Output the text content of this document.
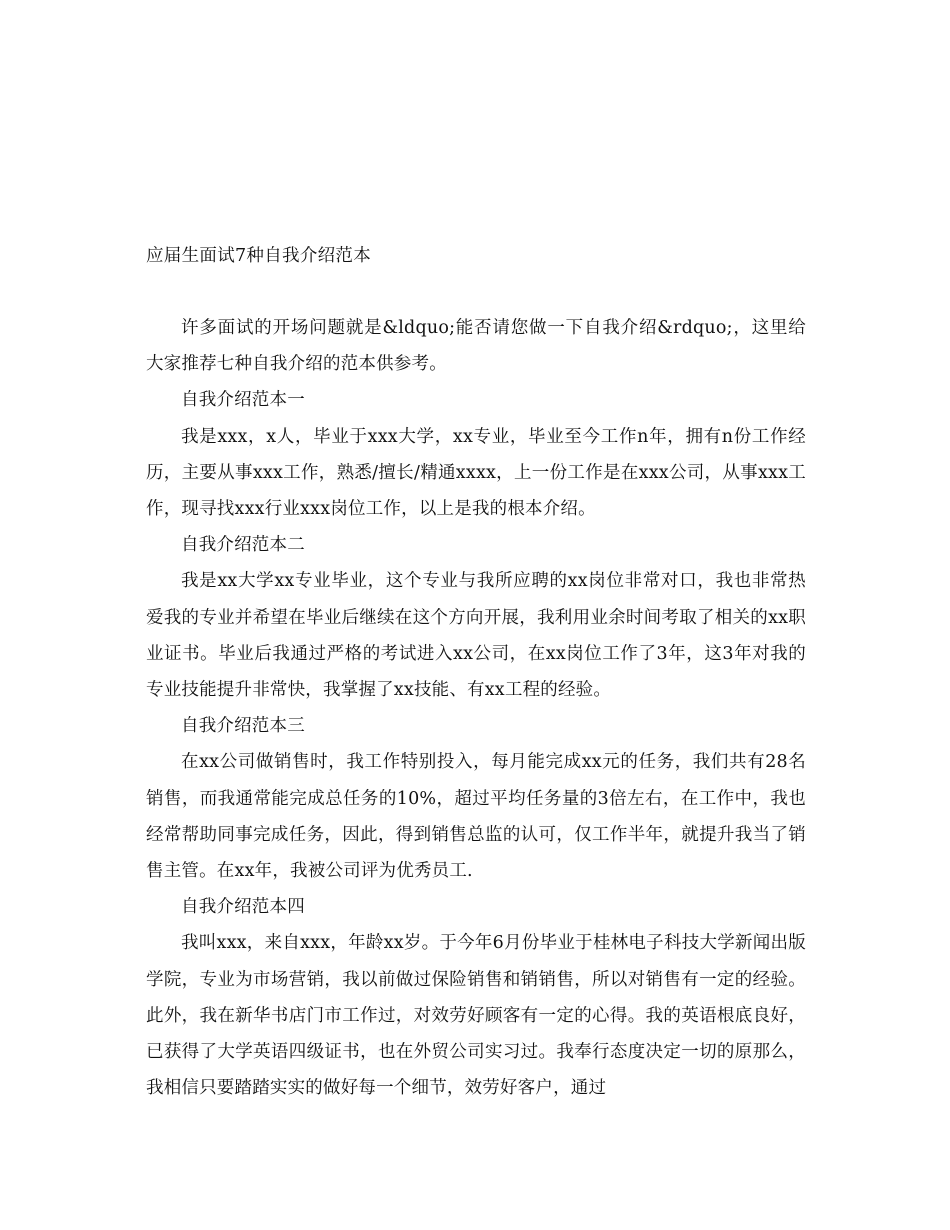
应届生面试7种自我介绍范本

许多面试的开场问题就是&ldquo;能否请您做一下自我介绍&rdquo;，这里给大家推荐七种自我介绍的范本供参考。

自我介绍范本一

我是xxx，x人，毕业于xxx大学，xx专业，毕业至今工作n年，拥有n份工作经历，主要从事xxx工作，熟悉/擅长/精通xxxx，上一份工作是在xxx公司，从事xxx工作，现寻找xxx行业xxx岗位工作，以上是我的根本介绍。

自我介绍范本二

我是xx大学xx专业毕业，这个专业与我所应聘的xx岗位非常对口，我也非常热爱我的专业并希望在毕业后继续在这个方向开展，我利用业余时间考取了相关的xx职业证书。毕业后我通过严格的考试进入xx公司，在xx岗位工作了3年，这3年对我的专业技能提升非常快，我掌握了xx技能、有xx工程的经验。

自我介绍范本三

在xx公司做销售时，我工作特别投入，每月能完成xx元的任务，我们共有28名销售，而我通常能完成总任务的10%，超过平均任务量的3倍左右，在工作中，我也经常帮助同事完成任务，因此，得到销售总监的认可，仅工作半年，就提升我当了销售主管。在xx年，我被公司评为优秀员工.

自我介绍范本四

我叫xxx，来自xxx，年龄xx岁。于今年6月份毕业于桂林电子科技大学新闻出版学院，专业为市场营销，我以前做过保险销售和销销售，所以对销售有一定的经验。此外，我在新华书店门市工作过，对效劳好顾客有一定的心得。我的英语根底良好，已获得了大学英语四级证书，也在外贸公司实习过。我奉行态度决定一切的原那么，我相信只要踏踏实实的做好每一个细节，效劳好客户，通过
